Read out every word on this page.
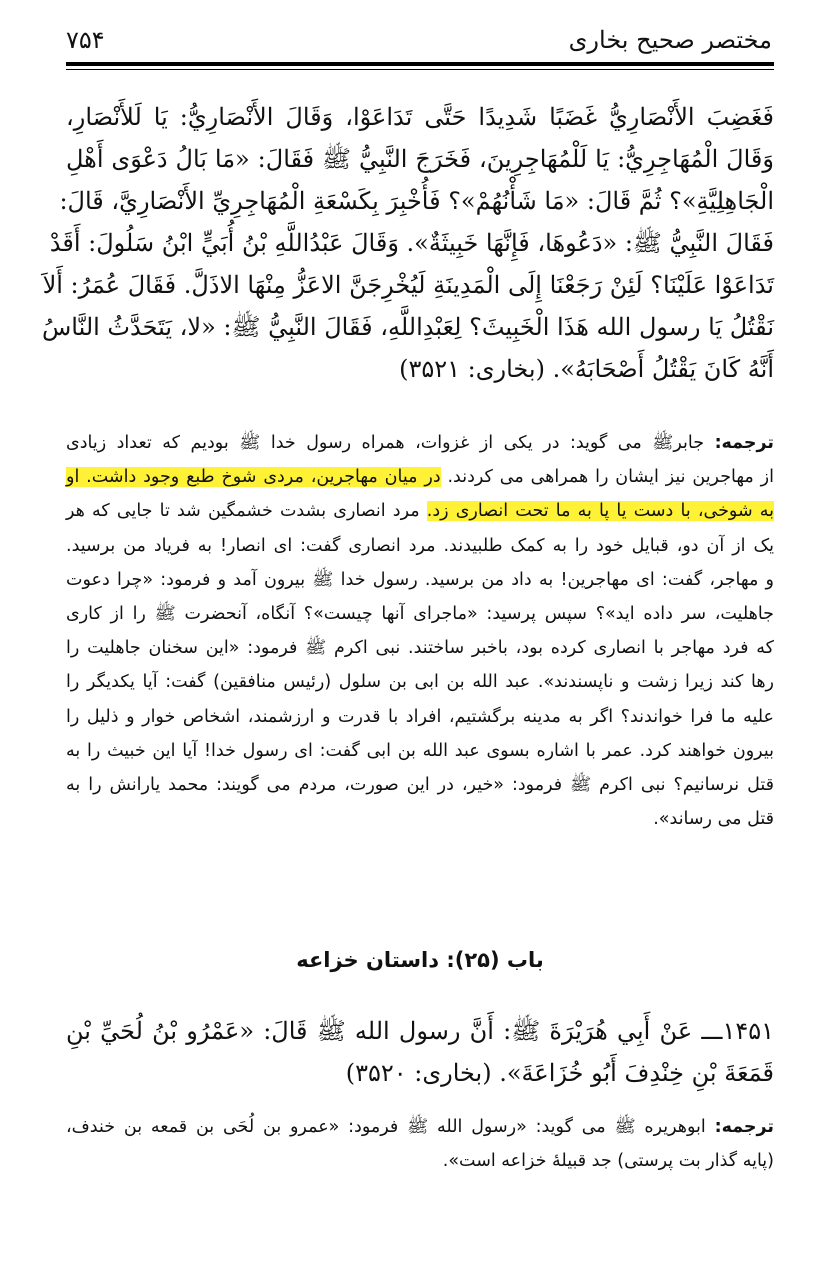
مختصر صحيح بخاری
۷۵۴
فَغَضِبَ الأَنْصَارِيُّ غَضَبًا شَدِيدًا حَتَّى تَدَاعَوْا، وَقَالَ الأَنْصَارِيُّ: يَا لَلأَنْصَارِ،
وَقَالَ الْمُهَاجِرِيُّ: يَا لَلْمُهَاجِرِينَ، فَخَرَجَ النَّبِيُّ ﷺ فَقَالَ: «مَا بَالُ دَعْوَى أَهْلِ
الْجَاهِلِيَّةِ»؟ ثُمَّ قَالَ: «مَا شَأْنُهُمْ»؟ فَأُخْبِرَ بِكَسْعَةِ الْمُهَاجِرِيِّ الأَنْصَارِيَّ، قَالَ:
فَقَالَ النَّبِيُّ ﷺ: «دَعُوهَا، فَإِنَّهَا خَبِيثَةٌ». وَقَالَ عَبْدُاللَّهِ بْنُ أُبَيٍّ ابْنُ سَلُولَ: أَقَدْ
تَدَاعَوْا عَلَيْنَا؟ لَئِنْ رَجَعْنَا إِلَى الْمَدِينَةِ لَيُخْرِجَنَّ الاعَزُّ مِنْهَا الاذَلَّ. فَقَالَ عُمَرُ: أَلاَ
نَقْتُلُ يَا رسول الله هَذَا الْخَبِيثَ؟ لِعَبْدِاللَّهِ، فَقَالَ النَّبِيُّ ﷺ: «لا، يَتَحَدَّثُ النَّاسُ
أَنَّهُ كَانَ يَقْتُلُ أَصْحَابَهُ». (بخاری: ۳۵۲۱)
ترجمه: جابرﷺ می گوید: در یکی از غزوات، همراه رسول خدا ﷺ بودیم که تعداد زیادی
از مهاجرین نیز ایشان را همراهی می کردند. در میان مهاجرین، مردی شوخ طبع وجود داشت. او
به شوخی، با دست یا پا به ما تحت انصاری زد. مرد انصاری بشدت خشمگین شد تا جایی که هر
یک از آن دو، قبایل خود را به کمک طلبیدند. مرد انصاری گفت: ای انصار! به فریاد من برسید.
و مهاجر، گفت: ای مهاجرین! به داد من برسید. رسول خدا ﷺ بیرون آمد و فرمود: «چرا دعوت
جاهلیت، سر داده اید»؟ سپس پرسید: «ماجرای آنها چیست»؟ آنگاه، آنحضرت ﷺ را از کاری
که فرد مهاجر با انصاری کرده بود، باخبر ساختند. نبی اکرم ﷺ فرمود: «این سخنان جاهلیت را
رها کند زیرا زشت و ناپسندند». عبد الله بن ابی بن سلول (رئیس منافقین) گفت: آیا یکدیگر را
علیه ما فرا خواندند؟ اگر به مدینه برگشتیم، افراد با قدرت و ارزشمند، اشخاص خوار و ذلیل را
بیرون خواهند کرد. عمر با اشاره بسوی عبد الله بن ابی گفت: ای رسول خدا! آیا این خبیث را به
قتل نرسانیم؟ نبی اکرم ﷺ فرمود: «خیر، در این صورت، مردم می گویند: محمد یارانش را به
قتل می رساند».
باب (۲۵): داستان خزاعه
۱۴۵۱ـــ عَنْ أَبِي هُرَيْرَةَ ﷺ: أَنَّ رسول الله ﷺ قَالَ: «عَمْرُو بْنُ لُحَيِّ بْنِ
قَمَعَةَ بْنِ خِنْدِفَ أَبُو خُزَاعَةَ». (بخاری: ۳۵۲۰)
ترجمه: ابوهریره ﷺ می گوید: «رسول الله ﷺ فرمود: «عمرو بن لُحَی بن قمعه بن خندف،
(پایه گذار بت پرستی) جد قبیلۀ خزاعه است».
